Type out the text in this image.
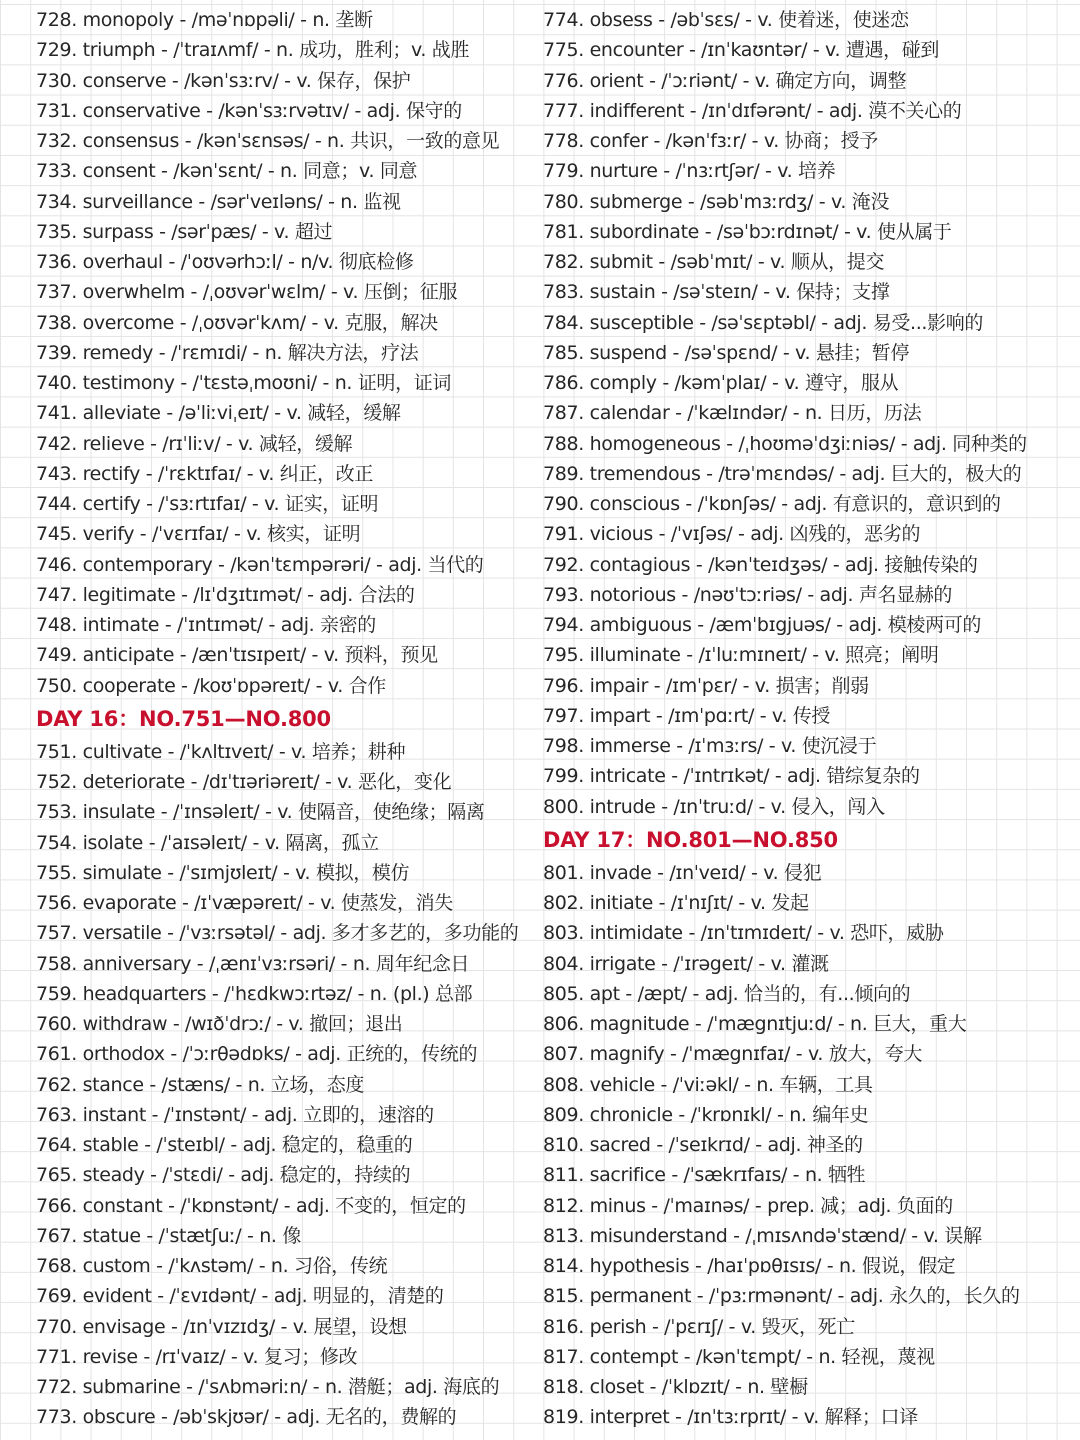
728. monopoly - /məˈnɒpəli/ - n. 垄断
729. triumph - /ˈtraɪʌmf/ - n. 成功，胜利；v. 战胜
730. conserve - /kənˈsɜːrv/ - v. 保存，保护
731. conservative - /kənˈsɜːrvətɪv/ - adj. 保守的
732. consensus - /kənˈsɛnsəs/ - n. 共识，一致的意见
733. consent - /kənˈsɛnt/ - n. 同意；v. 同意
734. surveillance - /sərˈveɪləns/ - n. 监视
735. surpass - /sərˈpæs/ - v. 超过
736. overhaul - /ˈoʊvərhɔːl/ - n/v. 彻底检修
737. overwhelm - /ˌoʊvərˈwɛlm/ - v. 压倒；征服
738. overcome - /ˌoʊvərˈkʌm/ - v. 克服，解决
739. remedy - /ˈrɛmɪdi/ - n. 解决方法，疗法
740. testimony - /ˈtɛstəˌmoʊni/ - n. 证明，证词
741. alleviate - /əˈliːviˌeɪt/ - v. 减轻，缓解
742. relieve - /rɪˈliːv/ - v. 减轻，缓解
743. rectify - /ˈrɛktɪfaɪ/ - v. 纠正，改正
744. certify - /ˈsɜːrtɪfaɪ/ - v. 证实，证明
745. verify - /ˈvɛrɪfaɪ/ - v. 核实，证明
746. contemporary - /kənˈtɛmpərəri/ - adj. 当代的
747. legitimate - /lɪˈdʒɪtɪmət/ - adj. 合法的
748. intimate - /ˈɪntɪmət/ - adj. 亲密的
749. anticipate - /ænˈtɪsɪpeɪt/ - v. 预料，预见
750. cooperate - /koʊˈɒpəreɪt/ - v. 合作
DAY 16：NO.751—NO.800
751. cultivate - /ˈkʌltɪveɪt/ - v. 培养；耕种
752. deteriorate - /dɪˈtɪəriəreɪt/ - v. 恶化，变化
753. insulate - /ˈɪnsəleɪt/ - v. 使隔音，使绝缘；隔离
754. isolate - /ˈaɪsəleɪt/ - v. 隔离，孤立
755. simulate - /ˈsɪmjʊleɪt/ - v. 模拟，模仿
756. evaporate - /ɪˈvæpəreɪt/ - v. 使蒸发，消失
757. versatile - /ˈvɜːrsətəl/ - adj. 多才多艺的，多功能的
758. anniversary - /ˌænɪˈvɜːrsəri/ - n. 周年纪念日
759. headquarters - /ˈhɛdkwɔːrtəz/ - n. (pl.) 总部
760. withdraw - /wɪðˈdrɔː/ - v. 撤回；退出
761. orthodox - /ˈɔːrθədɒks/ - adj. 正统的，传统的
762. stance - /stæns/ - n. 立场，态度
763. instant - /ˈɪnstənt/ - adj. 立即的，速溶的
764. stable - /ˈsteɪbl/ - adj. 稳定的，稳重的
765. steady - /ˈstɛdi/ - adj. 稳定的，持续的
766. constant - /ˈkɒnstənt/ - adj. 不变的，恒定的
767. statue - /ˈstætʃuː/ - n. 像
768. custom - /ˈkʌstəm/ - n. 习俗，传统
769. evident - /ˈɛvɪdənt/ - adj. 明显的，清楚的
770. envisage - /ɪnˈvɪzɪdʒ/ - v. 展望，设想
771. revise - /rɪˈvaɪz/ - v. 复习；修改
772. submarine - /ˈsʌbməriːn/ - n. 潜艇；adj. 海底的
773. obscure - /əbˈskjʊər/ - adj. 无名的，费解的
774. obsess - /əbˈsɛs/ - v. 使着迷，使迷恋
775. encounter - /ɪnˈkaʊntər/ - v. 遭遇，碰到
776. orient - /ˈɔːriənt/ - v. 确定方向，调整
777. indifferent - /ɪnˈdɪfərənt/ - adj. 漠不关心的
778. confer - /kənˈfɜːr/ - v. 协商；授予
779. nurture - /ˈnɜːrtʃər/ - v. 培养
780. submerge - /səbˈmɜːrdʒ/ - v. 淹没
781. subordinate - /səˈbɔːrdɪnət/ - v. 使从属于
782. submit - /səbˈmɪt/ - v. 顺从，提交
783. sustain - /səˈsteɪn/ - v. 保持；支撑
784. susceptible - /səˈsɛptəbl/ - adj. 易受...影响的
785. suspend - /səˈspɛnd/ - v. 悬挂；暂停
786. comply - /kəmˈplaɪ/ - v. 遵守，服从
787. calendar - /ˈkælɪndər/ - n. 日历，历法
788. homogeneous - /ˌhoʊməˈdʒiːniəs/ - adj. 同种类的
789. tremendous - /trəˈmɛndəs/ - adj. 巨大的，极大的
790. conscious - /ˈkɒnʃəs/ - adj. 有意识的，意识到的
791. vicious - /ˈvɪʃəs/ - adj. 凶残的，恶劣的
792. contagious - /kənˈteɪdʒəs/ - adj. 接触传染的
793. notorious - /nəʊˈtɔːriəs/ - adj. 声名显赫的
794. ambiguous - /æmˈbɪgjuəs/ - adj. 模棱两可的
795. illuminate - /ɪˈluːmɪneɪt/ - v. 照亮；阐明
796. impair - /ɪmˈpɛr/ - v. 损害；削弱
797. impart - /ɪmˈpɑːrt/ - v. 传授
798. immerse - /ɪˈmɜːrs/ - v. 使沉浸于
799. intricate - /ˈɪntrɪkət/ - adj. 错综复杂的
800. intrude - /ɪnˈtruːd/ - v. 侵入，闯入
DAY 17：NO.801—NO.850
801. invade - /ɪnˈveɪd/ - v. 侵犯
802. initiate - /ɪˈnɪʃɪt/ - v. 发起
803. intimidate - /ɪnˈtɪmɪdeɪt/ - v. 恐吓，威胁
804. irrigate - /ˈɪrəgeɪt/ - v. 灌溉
805. apt - /æpt/ - adj. 恰当的，有...倾向的
806. magnitude - /ˈmægnɪtjuːd/ - n. 巨大，重大
807. magnify - /ˈmægnɪfaɪ/ - v. 放大，夸大
808. vehicle - /ˈviːəkl/ - n. 车辆，工具
809. chronicle - /ˈkrɒnɪkl/ - n. 编年史
810. sacred - /ˈseɪkrɪd/ - adj. 神圣的
811. sacrifice - /ˈsækrɪfaɪs/ - n. 牺牲
812. minus - /ˈmaɪnəs/ - prep. 减；adj. 负面的
813. misunderstand - /ˌmɪsʌndəˈstænd/ - v. 误解
814. hypothesis - /haɪˈpɒθɪsɪs/ - n. 假说，假定
815. permanent - /ˈpɜːrmənənt/ - adj. 永久的，长久的
816. perish - /ˈpɛrɪʃ/ - v. 毁灭，死亡
817. contempt - /kənˈtɛmpt/ - n. 轻视，蔑视
818. closet - /ˈklɒzɪt/ - n. 壁橱
819. interpret - /ɪnˈtɜːrprɪt/ - v. 解释；口译
